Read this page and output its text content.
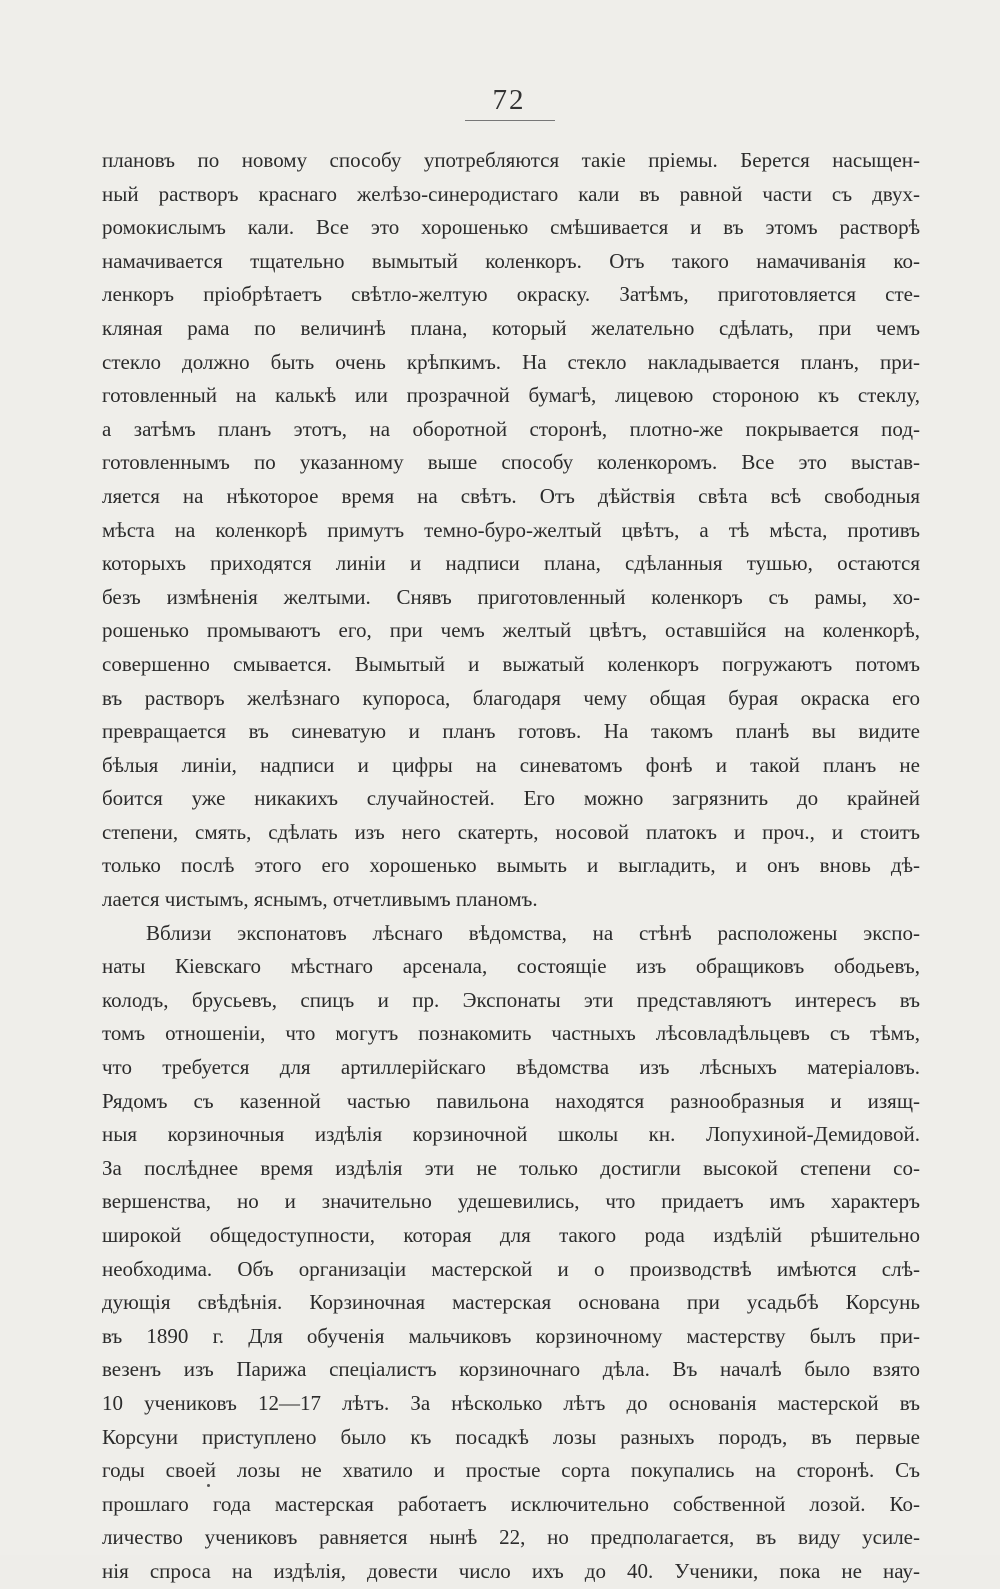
72

плановъ по новому способу употребляются такіе пріемы. Берется насыщен-
ный растворъ краснаго желѣзо-синеродистаго кали въ равной части съ двух-
ромокислымъ кали. Все это хорошенько смѣшивается и въ этомъ растворѣ
намачивается тщательно вымытый коленкоръ. Отъ такого намачиванія ко-
ленкоръ пріобрѣтаетъ свѣтло-желтую окраску. Затѣмъ, приготовляется сте-
кляная рама по величинѣ плана, который желательно сдѣлать, при чемъ
стекло должно быть очень крѣпкимъ. На стекло накладывается планъ, при-
готовленный на калькѣ или прозрачной бумагѣ, лицевою стороною къ стеклу,
а затѣмъ планъ этотъ, на оборотной сторонѣ, плотно-же покрывается под-
готовленнымъ по указанному выше способу коленкоромъ. Все это выстав-
ляется на нѣкоторое время на свѣтъ. Отъ дѣйствія свѣта всѣ свободныя
мѣста на коленкорѣ примутъ темно-буро-желтый цвѣтъ, а тѣ мѣста, противъ
которыхъ приходятся линіи и надписи плана, сдѣланныя тушью, остаются
безъ измѣненія желтыми. Снявъ приготовленный коленкоръ съ рамы, хо-
рошенько промываютъ его, при чемъ желтый цвѣтъ, оставшійся на коленкорѣ,
совершенно смывается. Вымытый и выжатый коленкоръ погружаютъ потомъ
въ растворъ желѣзнаго купороса, благодаря чему общая бурая окраска его
превращается въ синеватую и планъ готовъ. На такомъ планѣ вы видите
бѣлыя линіи, надписи и цифры на синеватомъ фонѣ и такой планъ не
боится уже никакихъ случайностей. Его можно загрязнить до крайней
степени, смять, сдѣлать изъ него скатерть, носовой платокъ и проч., и стоитъ
только послѣ этого его хорошенько вымыть и выгладить, и онъ вновь дѣ-
лается чистымъ, яснымъ, отчетливымъ планомъ.

Вблизи экспонатовъ лѣснаго вѣдомства, на стѣнѣ расположены экспо-
наты Кіевскаго мѣстнаго арсенала, состоящіе изъ обращиковъ ободьевъ,
колодъ, брусьевъ, спицъ и пр. Экспонаты эти представляютъ интересъ въ
томъ отношеніи, что могутъ познакомить частныхъ лѣсовладѣльцевъ съ тѣмъ,
что требуется для артиллерійскаго вѣдомства изъ лѣсныхъ матеріаловъ.
Рядомъ съ казенной частью павильона находятся разнообразныя и изящ-
ныя корзиночныя издѣлія корзиночной школы кн. Лопухиной-Демидовой.
За послѣднее время издѣлія эти не только достигли высокой степени со-
вершенства, но и значительно удешевились, что придаетъ имъ характеръ
широкой общедоступности, которая для такого рода издѣлій рѣшительно
необходима. Объ организаціи мастерской и о производствѣ имѣются слѣ-
дующія свѣдѣнія. Корзиночная мастерская основана при усадьбѣ Корсунь
въ 1890 г. Для обученія мальчиковъ корзиночному мастерству былъ при-
везенъ изъ Парижа спеціалистъ корзиночнаго дѣла. Въ началѣ было взято
10 учениковъ 12—17 лѣтъ. За нѣсколько лѣтъ до основанія мастерской въ
Корсуни приступлено было къ посадкѣ лозы разныхъ породъ, въ первые
годы своей лозы не хватило и простые сорта покупались на сторонѣ. Съ
прошлаго года мастерская работаетъ исключительно собственной лозой. Ко-
личество учениковъ равняется нынѣ 22, но предполагается, въ виду усиле-
нія спроса на издѣлія, довести число ихъ до 40. Ученики, пока не нау-
